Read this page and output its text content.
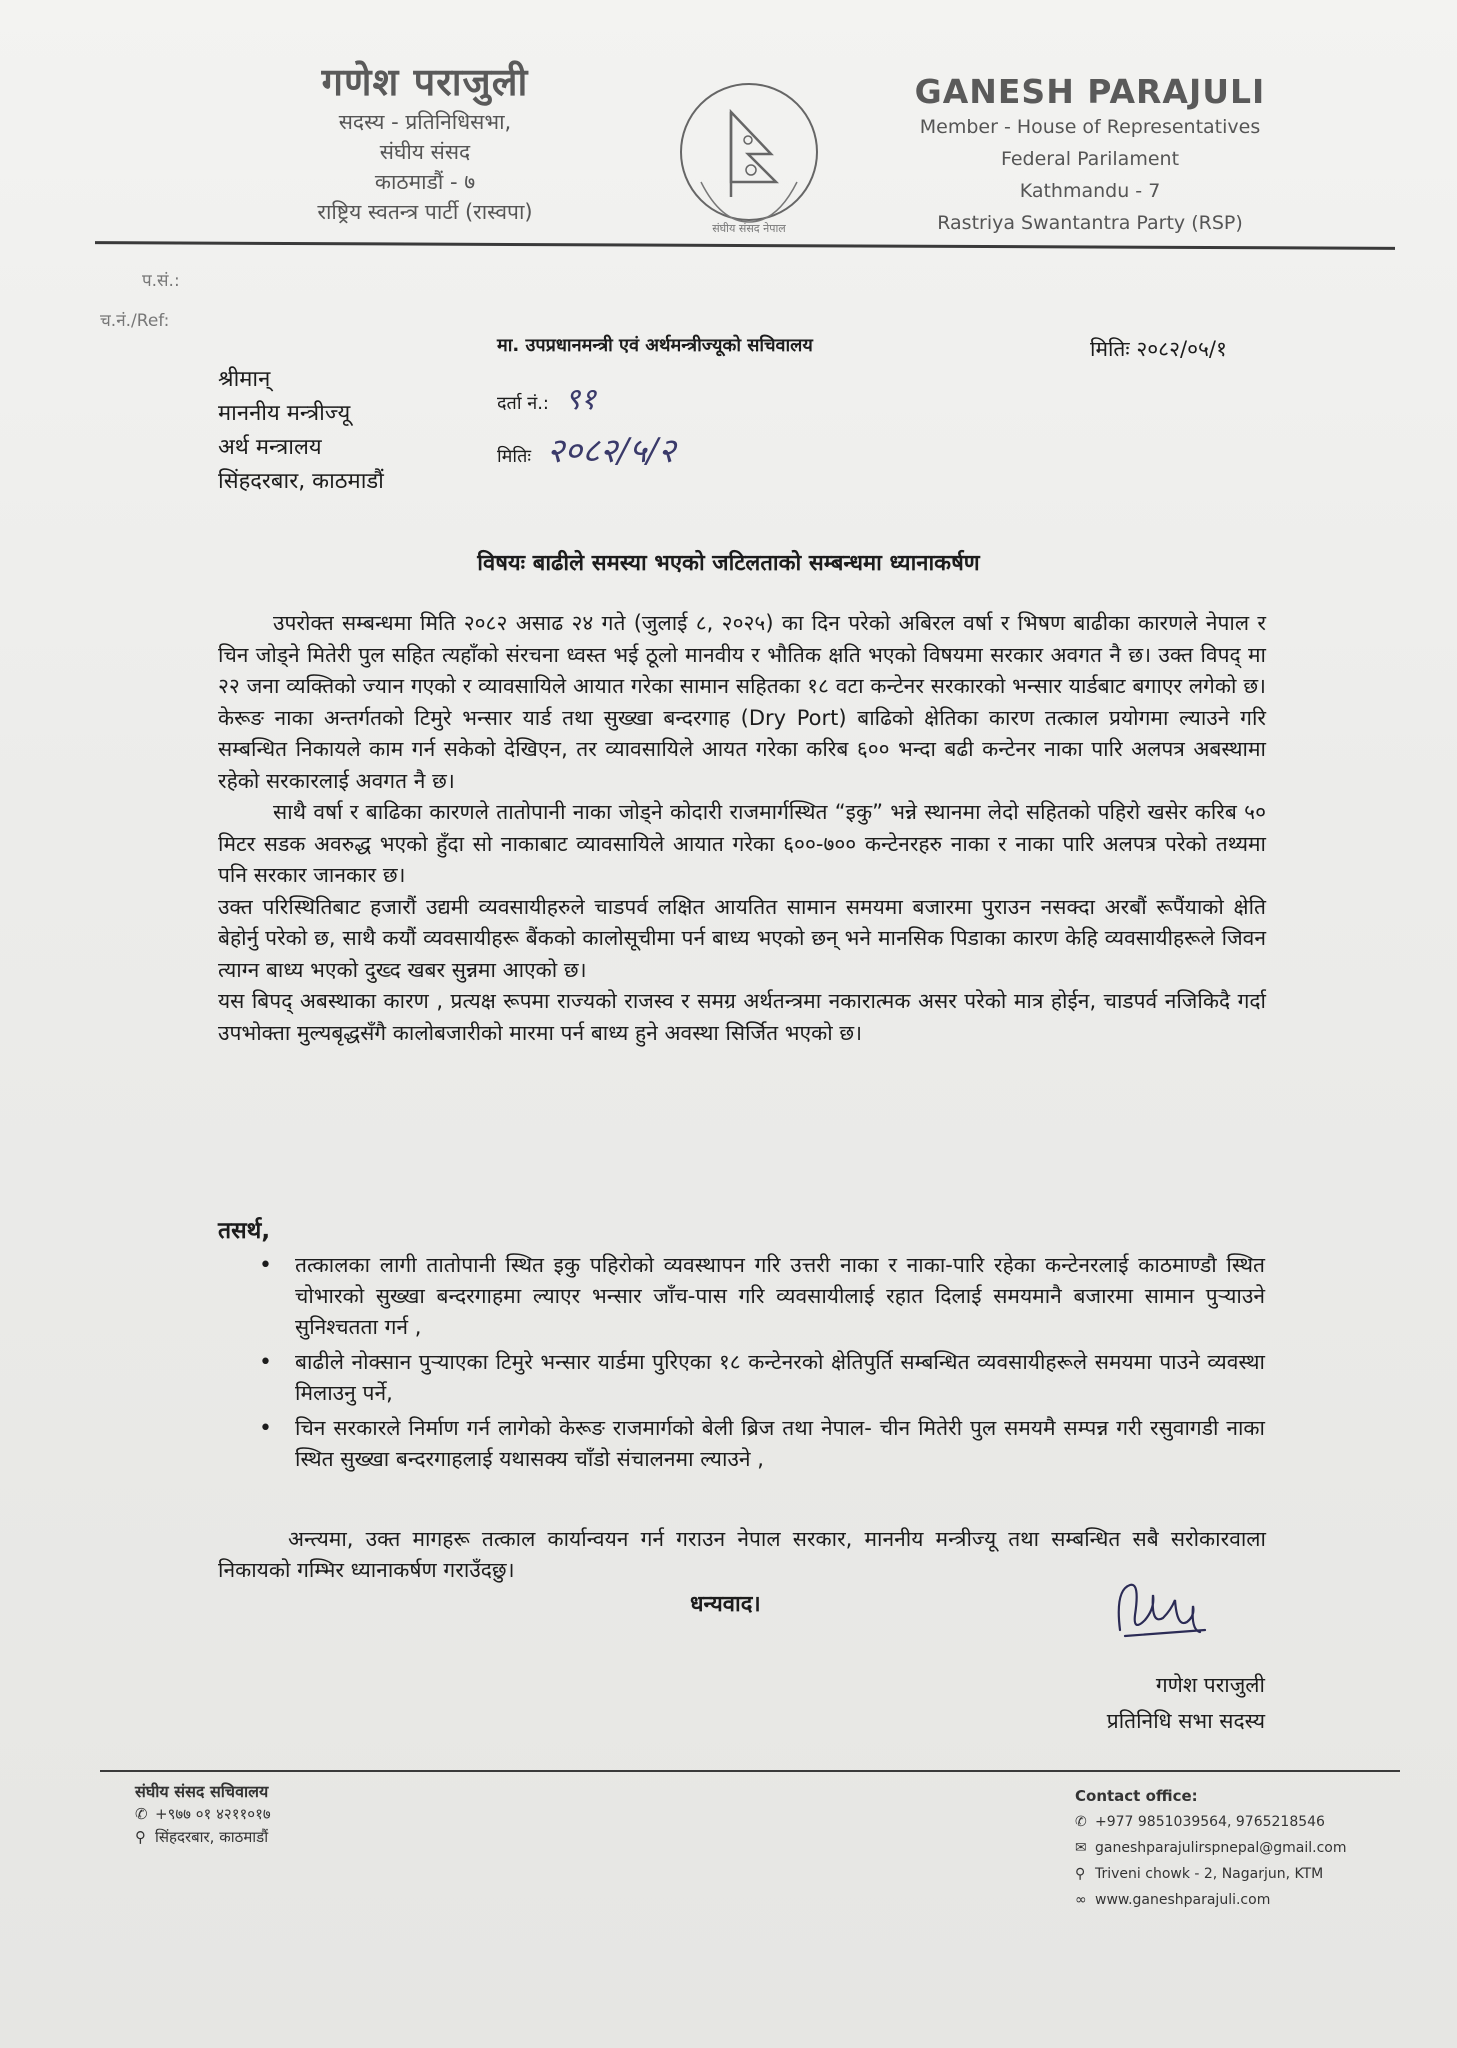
गणेश पराजुली
सदस्य - प्रतिनिधिसभा,
संघीय संसद
काठमाडौं - ७
राष्ट्रिय स्वतन्त्र पार्टी (रास्वपा)
संघीय संसद नेपाल
GANESH PARAJULI
Member - House of Representatives
Federal Parilament
Kathmandu - 7
Rastriya Swantantra Party (RSP)
प.सं.:
च.नं./Ref:
श्रीमान्
माननीय मन्त्रीज्यू
अर्थ मन्त्रालय
सिंहदरबार, काठमाडौं
मा. उपप्रधानमन्त्री एवं अर्थमन्त्रीज्यूको सचिवालय
दर्ता नं.: ९१
मितिः २०८२/५/२
मितिः २०८२/०५/१
विषयः बाढीले समस्या भएको जटिलताको सम्बन्धमा ध्यानाकर्षण

उपरोक्त सम्बन्धमा मिति २०८२ असाढ २४ गते (जुलाई ८, २०२५) का दिन परेको अबिरल वर्षा र भिषण बाढीका कारणले नेपाल र चिन जोड्ने मितेरी पुल सहित त्यहाँको संरचना ध्वस्त भई ठूलो मानवीय र भौतिक क्षति भएको विषयमा सरकार अवगत नै छ। उक्त विपद् मा २२ जना व्यक्तिको ज्यान गएको र व्यावसायिले आयात गरेका सामान सहितका १८ वटा कन्टेनर सरकारको भन्सार यार्डबाट बगाएर लगेको छ। केरूङ नाका अन्तर्गतको टिमुरे भन्सार यार्ड तथा सुख्खा बन्दरगाह (Dry Port) बाढिको क्षेतिका कारण तत्काल प्रयोगमा ल्याउने गरि सम्बन्धित निकायले काम गर्न सकेको देखिएन, तर व्यावसायिले आयत गरेका करिब ६०० भन्दा बढी कन्टेनर नाका पारि अलपत्र अबस्थामा रहेको सरकारलाई अवगत नै छ।

साथै वर्षा र बाढिका कारणले तातोपानी नाका जोड्ने कोदारी राजमार्गस्थित “इकु” भन्ने स्थानमा लेदो सहितको पहिरो खसेर करिब ५० मिटर सडक अवरुद्ध भएको हुँदा सो नाकाबाट व्यावसायिले आयात गरेका ६००-७०० कन्टेनरहरु नाका र नाका पारि अलपत्र परेको तथ्यमा पनि सरकार जानकार छ।

उक्त परिस्थितिबाट हजारौं उद्यमी व्यवसायीहरुले चाडपर्व लक्षित आयतित सामान समयमा बजारमा पुराउन नसक्दा अरबौं रूपैंयाको क्षेति बेहोर्नु परेको छ, साथै कयौं व्यवसायीहरू बैंकको कालोसूचीमा पर्न बाध्य भएको छन् भने मानसिक पिडाका कारण केहि व्यवसायीहरूले जिवन त्याग्न बाध्य भएको दुख्द खबर सुन्नमा आएको छ।

यस बिपद् अबस्थाका कारण , प्रत्यक्ष रूपमा राज्यको राजस्व र समग्र अर्थतन्त्रमा नकारात्मक असर परेको मात्र होईन, चाडपर्व नजिकिदै गर्दा उपभोक्ता मुल्यबृद्धसँगै कालोबजारीको मारमा पर्न बाध्य हुने अवस्था सिर्जित भएको छ।

तसर्थ,
• तत्कालका लागी तातोपानी स्थित इकु पहिरोको व्यवस्थापन गरि उत्तरी नाका र नाका-पारि रहेका कन्टेनरलाई काठमाण्डौ स्थित चोभारको सुख्खा बन्दरगाहमा ल्याएर भन्सार जाँच-पास गरि व्यवसायीलाई रहात दिलाई समयमानै बजारमा सामान पुऱ्याउने सुनिश्चतता गर्न ,
• बाढीले नोक्सान पुऱ्याएका टिमुरे भन्सार यार्डमा पुरिएका १८ कन्टेनरको क्षेतिपुर्ति सम्बन्धित व्यवसायीहरूले समयमा पाउने व्यवस्था मिलाउनु पर्ने,
• चिन सरकारले निर्माण गर्न लागेको केरूङ राजमार्गको बेली ब्रिज तथा नेपाल- चीन मितेरी पुल समयमै सम्पन्न गरी रसुवागडी नाका स्थित सुख्खा बन्दरगाहलाई यथासक्य चाँडो संचालनमा ल्याउने ,
अन्त्यमा, उक्त मागहरू तत्काल कार्यान्वयन गर्न गराउन नेपाल सरकार, माननीय मन्त्रीज्यू तथा सम्बन्धित सबै सरोकारवाला निकायको गम्भिर ध्यानाकर्षण गराउँदछु।
धन्यवाद।
गणेश पराजुली
प्रतिनिधि सभा सदस्य
संघीय संसद सचिवालय
✆ +९७७ ०१ ४२११०१७
⚲ सिंहदरबार, काठमाडौं
Contact office:
✆ +977 9851039564, 9765218546
✉ ganeshparajulirspnepal@gmail.com
⚲ Triveni chowk - 2, Nagarjun, KTM
∞ www.ganeshparajuli.com
